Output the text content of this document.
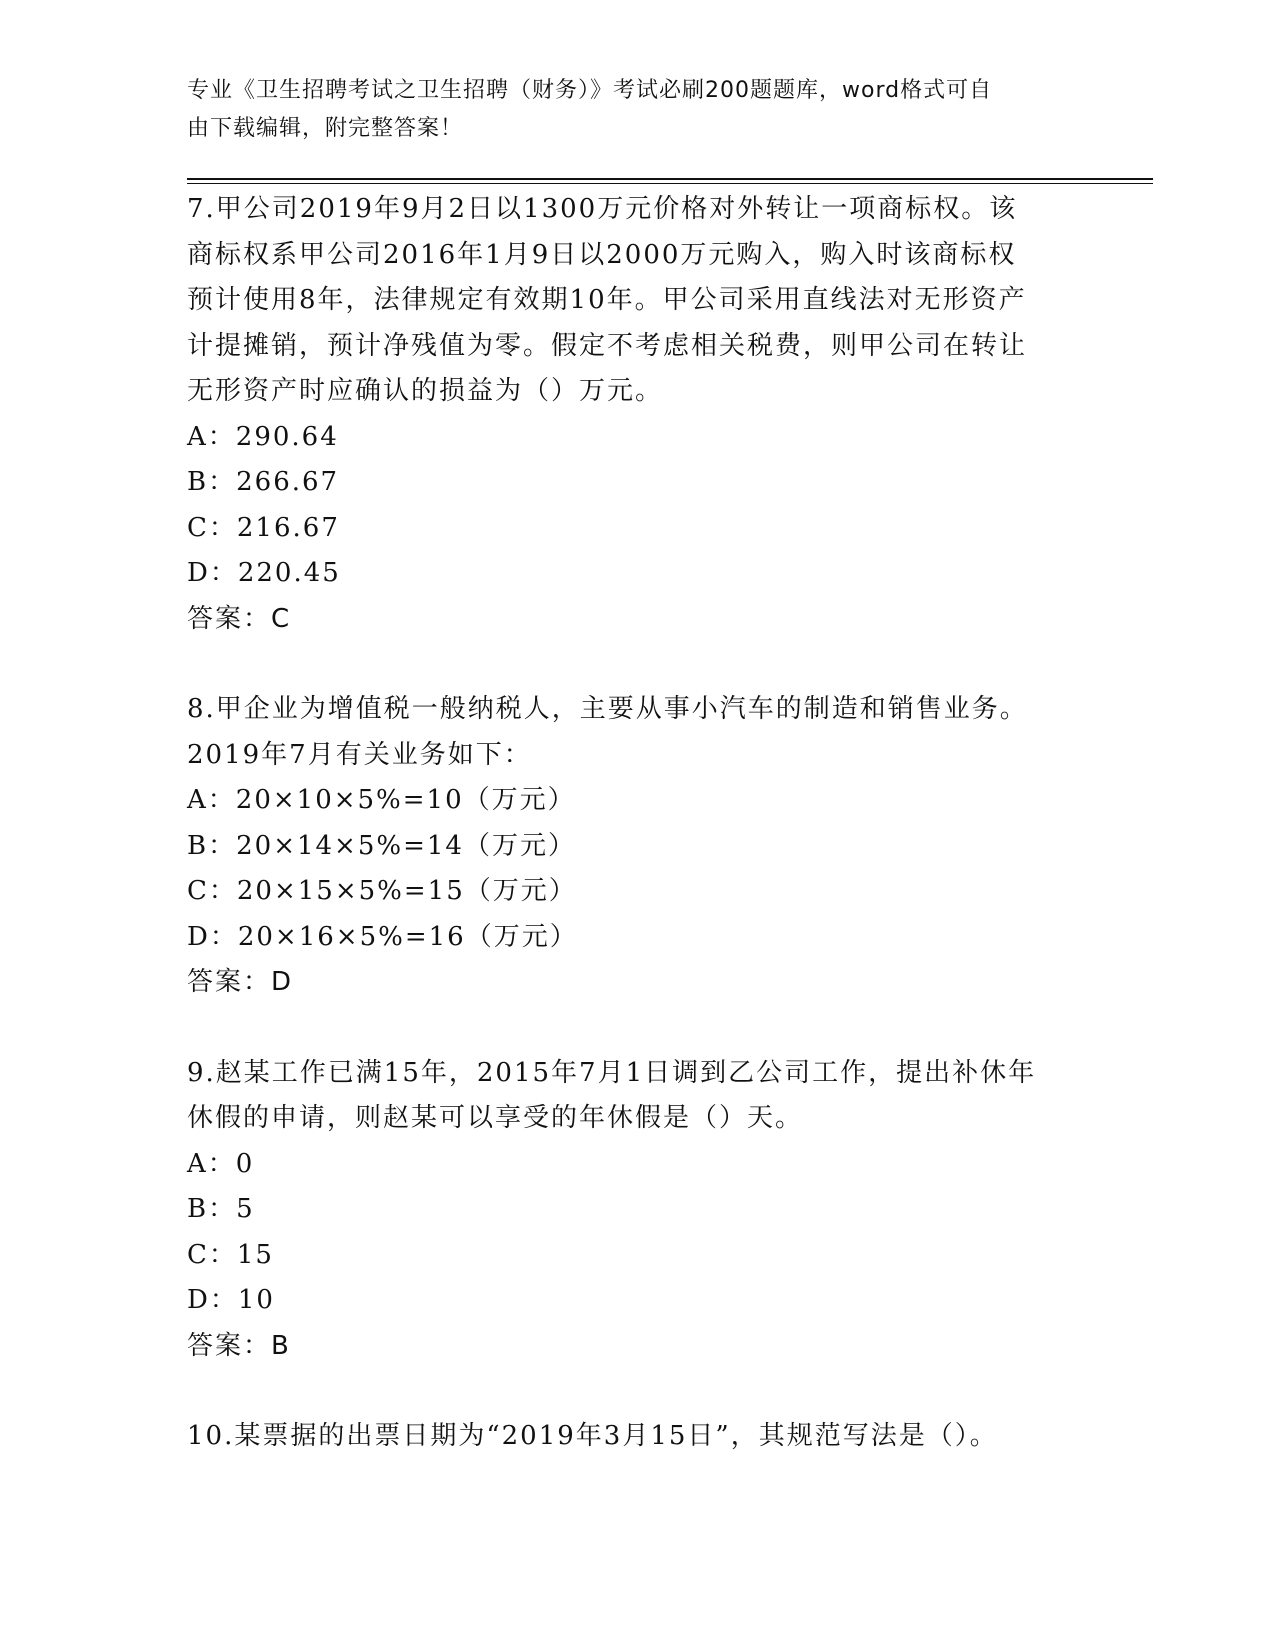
专业《卫生招聘考试之卫生招聘（财务）》考试必刷200题题库，word格式可自
由下载编辑，附完整答案！

7.甲公司2019年9月2日以1300万元价格对外转让一项商标权。该

商标权系甲公司2016年1月9日以2000万元购入，购入时该商标权

预计使用8年，法律规定有效期10年。甲公司采用直线法对无形资产

计提摊销，预计净残值为零。假定不考虑相关税费，则甲公司在转让

无形资产时应确认的损益为（）万元。

A：290.64

B：266.67

C：216.67

D：220.45

答案：C

8.甲企业为增值税一般纳税人，主要从事小汽车的制造和销售业务。

2019年7月有关业务如下：

A：20×10×5%=10（万元）

B：20×14×5%=14（万元）

C：20×15×5%=15（万元）

D：20×16×5%=16（万元）

答案：D

9.赵某工作已满15年，2015年7月1日调到乙公司工作，提出补休年

休假的申请，则赵某可以享受的年休假是（）天。

A：0

B：5

C：15

D：10

答案：B

10.某票据的出票日期为“2019年3月15日”，其规范写法是（）。
